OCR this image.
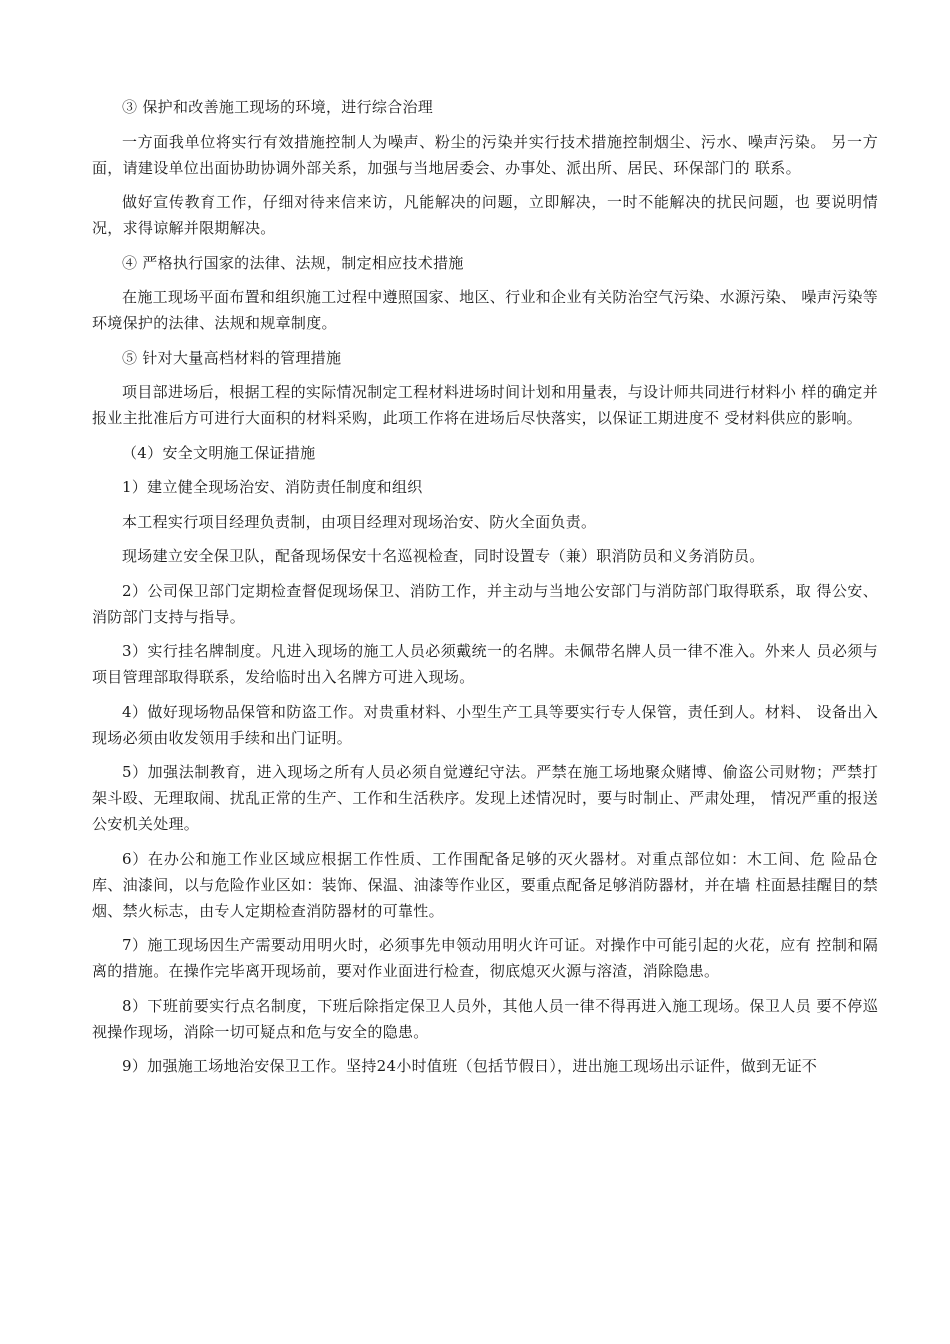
③ 保护和改善施工现场的环境，进行综合治理

一方面我单位将实行有效措施控制人为噪声、粉尘的污染并实行技术措施控制烟尘、污水、噪声污染。 另一方面，请建设单位出面协助协调外部关系，加强与当地居委会、办事处、派出所、居民、环保部门的 联系。

做好宣传教育工作，仔细对待来信来访，凡能解决的问题，立即解决，一时不能解决的扰民问题，也 要说明情况，求得谅解并限期解决。

④ 严格执行国家的法律、法规，制定相应技术措施

在施工现场平面布置和组织施工过程中遵照国家、地区、行业和企业有关防治空气污染、水源污染、 噪声污染等环境保护的法律、法规和规章制度。

⑤ 针对大量高档材料的管理措施

项目部进场后，根据工程的实际情况制定工程材料进场时间计划和用量表，与设计师共同进行材料小 样的确定并报业主批准后方可进行大面积的材料采购，此项工作将在进场后尽快落实，以保证工期进度不 受材料供应的影响。

（4）安全文明施工保证措施

1）建立健全现场治安、消防责任制度和组织

本工程实行项目经理负责制，由项目经理对现场治安、防火全面负责。

现场建立安全保卫队，配备现场保安十名巡视检查，同时设置专（兼）职消防员和义务消防员。

2）公司保卫部门定期检查督促现场保卫、消防工作，并主动与当地公安部门与消防部门取得联系，取 得公安、消防部门支持与指导。

3）实行挂名牌制度。凡进入现场的施工人员必须戴统一的名牌。未佩带名牌人员一律不准入。外来人 员必须与项目管理部取得联系，发给临时出入名牌方可进入现场。

4）做好现场物品保管和防盗工作。对贵重材料、小型生产工具等要实行专人保管，责任到人。材料、 设备出入现场必须由收发领用手续和出门证明。

5）加强法制教育，进入现场之所有人员必须自觉遵纪守法。严禁在施工场地聚众赌博、偷盗公司财物；严禁打架斗殴、无理取闹、扰乱正常的生产、工作和生活秩序。发现上述情况时，要与时制止、严肃处理， 情况严重的报送公安机关处理。

6）在办公和施工作业区域应根据工作性质、工作围配备足够的灭火器材。对重点部位如：木工间、危 险品仓库、油漆间，以与危险作业区如：装饰、保温、油漆等作业区，要重点配备足够消防器材，并在墙 柱面悬挂醒目的禁烟、禁火标志，由专人定期检查消防器材的可靠性。

7）施工现场因生产需要动用明火时，必须事先申领动用明火许可证。对操作中可能引起的火花，应有 控制和隔离的措施。在操作完毕离开现场前，要对作业面进行检查，彻底熄灭火源与溶渣，消除隐患。

8）下班前要实行点名制度，下班后除指定保卫人员外，其他人员一律不得再进入施工现场。保卫人员 要不停巡视操作现场，消除一切可疑点和危与安全的隐患。

9）加强施工场地治安保卫工作。坚持24小时值班（包括节假日），进出施工现场出示证件，做到无证不
